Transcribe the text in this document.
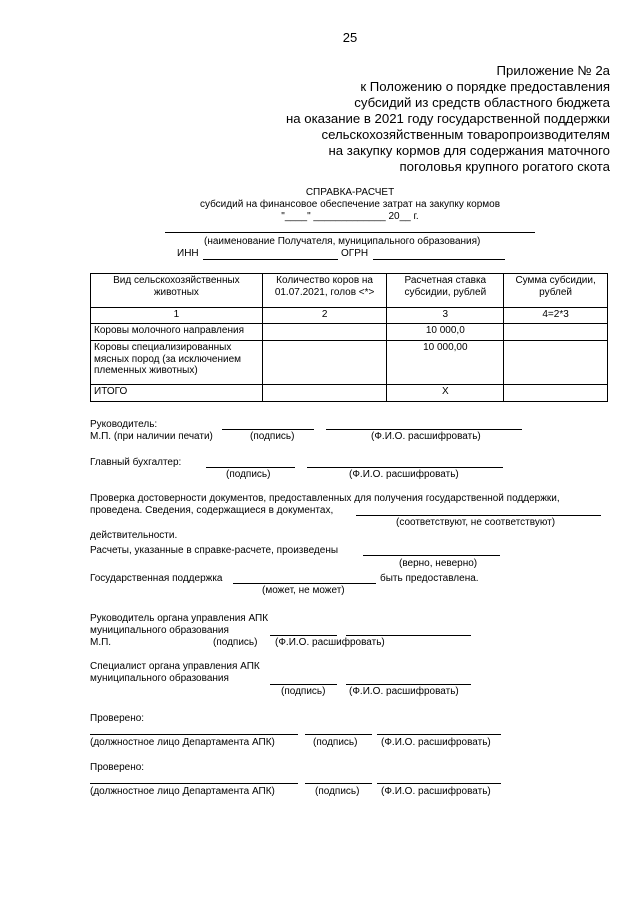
25
Приложение № 2а
к Положению о порядке предоставления
субсидий из средств областного бюджета
на оказание в 2021 году государственной поддержки
сельскохозяйственным товаропроизводителям
на закупку кормов для содержания маточного
поголовья крупного рогатого скота
СПРАВКА-РАСЧЕТ
субсидий на финансовое обеспечение затрат на закупку кормов
"____" _____________ 20__ г.
(наименование Получателя, муниципального образования)
ИНН	ОГРН
Вид сельскохозяйственных животных	Количество коров на 01.07.2021, голов <*>	Расчетная ставка субсидии, рублей	Сумма субсидии, рублей
1	2	3	4=2*3
Коровы молочного направления		10 000,0	
Коровы специализированных мясных пород (за исключением племенных животных)		10 000,00	
ИТОГО		Х	
Руководитель:
М.П. (при наличии печати)	(подпись)	(Ф.И.О. расшифровать)
Главный бухгалтер:
(подпись)	(Ф.И.О. расшифровать)
Проверка достоверности документов, предоставленных для получения государственной поддержки,
проведена. Сведения, содержащиеся в документах,
(соответствуют, не соответствуют)
действительности.
Расчеты, указанные в справке-расчете, произведены
(верно, неверно)
Государственная поддержка	быть предоставлена.
(может, не может)
Руководитель органа управления АПК
муниципального образования
М.П.	(подпись) (Ф.И.О. расшифровать)
Специалист органа управления АПК
муниципального образования
(подпись) (Ф.И.О. расшифровать)
Проверено:
(должностное лицо Департамента АПК)	(подпись) (Ф.И.О. расшифровать)
Проверено:
(должностное лицо Департамента АПК)	(подпись) (Ф.И.О. расшифровать)
